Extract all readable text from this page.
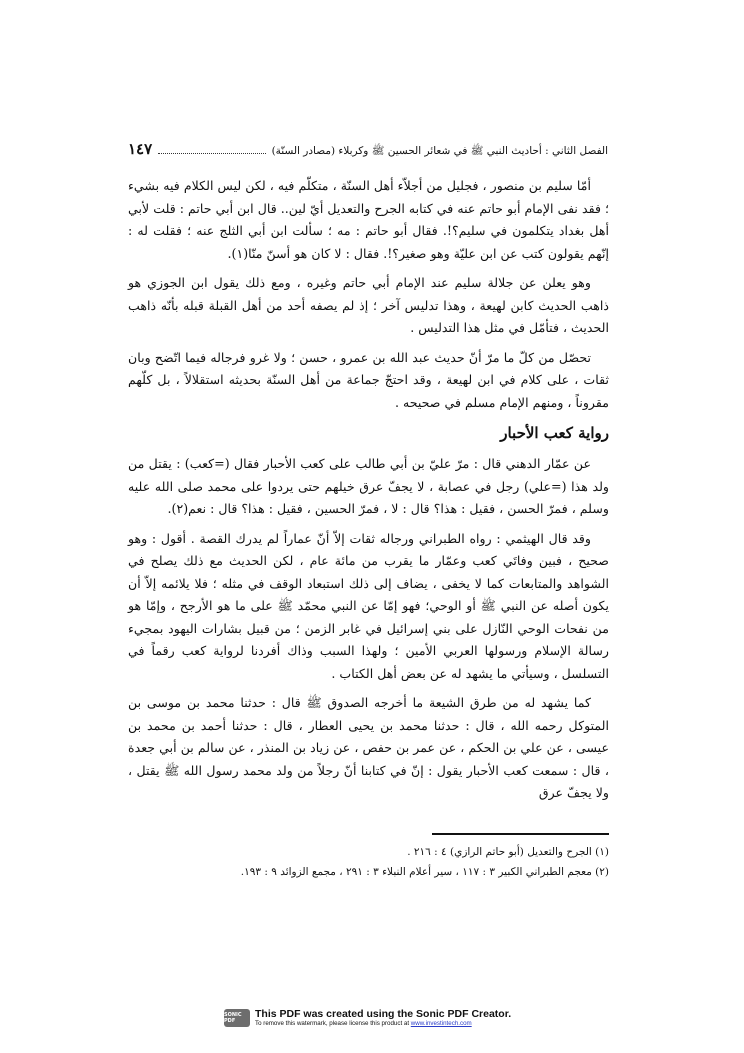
الفصل الثاني : أحاديث النبي ﷺ في شعائر الحسين ﷺ وكربلاء (مصادر السنّة)
١٤٧

أمّا سليم بن منصور ، فجليل من أجلاّء أهل السنّة ، متكلّم فيه ، لكن ليس الكلام فيه بشيء ؛ فقد نفى الإمام أبو حاتم عنه في كتابه الجرح والتعديل أيّ لين.. قال ابن أبي حاتم : قلت لأبي أهل بغداد يتكلمون في سليم؟!. فقال أبو حاتم : مه ؛ سألت ابن أبي الثلج عنه ؛ فقلت له : إنّهم يقولون كتب عن ابن عليّة وهو صغير؟!. فقال : لا كان هو أسنّ منّا(١).

وهو يعلن عن جلالة سليم عند الإمام أبي حاتم وغيره ، ومع ذلك يقول ابن الجوزي هو ذاهب الحديث كابن لهيعة ، وهذا تدليس آخر ؛ إذ لم يصفه أحد من أهل القبلة قبله بأنّه ذاهب الحديث ، فتأمّل في مثل هذا التدليس .

تحصّل من كلّ ما مرّ أنّ حديث عبد الله بن عمرو ، حسن ؛ ولا غرو فرجاله فيما اتّضح وبان ثقات ، على كلام في ابن لهيعة ، وقد احتجّ جماعة من أهل السنّة بحديثه استقلالاً ، بل كلّهم مقروناً ، ومنهم الإمام مسلم في صحيحه .

رواية كعب الأحبار

عن عمّار الدهني قال : مرّ عليّ بن أبي طالب على كعب الأحبار فقال (=كعب) : يقتل من ولد هذا (=علي) رجل في عصابة ، لا يجفّ عرق خيلهم حتى يردوا على محمد صلى الله عليه وسلم ، فمرّ الحسن ، فقيل : هذا؟ قال : لا ، فمرّ الحسين ، فقيل : هذا؟ قال : نعم(٢).

وقد قال الهيثمي : رواه الطبراني ورجاله ثقات إلاّ أنّ عماراً لم يدرك القصة . أقول : وهو صحيح ، فبين وفاتَي كعب وعمّار ما يقرب من مائة عام ، لكن الحديث مع ذلك يصلح في الشواهد والمتابعات كما لا يخفى ، يضاف إلى ذلك استبعاد الوقف في مثله ؛ فلا يلائمه إلاّ أن يكون أصله عن النبي ﷺ أو الوحي؛ فهو إمّا عن النبي محمّد ﷺ على ما هو الأرجح ، وإمّا هو من نفحات الوحي النّازل على بني إسرائيل في غابر الزمن ؛ من قبيل بشارات اليهود بمجيء رسالة الإسلام ورسولها العربي الأمين ؛ ولهذا السبب وذاك أفردنا لرواية كعب رقماً في التسلسل ، وسيأتي ما يشهد له عن بعض أهل الكتاب .

كما يشهد له من طرق الشيعة ما أخرجه الصدوق ﷺ قال : حدثنا محمد بن موسى بن المتوكل رحمه الله ، قال : حدثنا محمد بن يحيى العطار ، قال : حدثنا أحمد بن محمد بن عيسى ، عن علي بن الحكم ، عن عمر بن حفص ، عن زياد بن المنذر ، عن سالم بن أبي جعدة ، قال : سمعت كعب الأحبار يقول : إنّ في كتابنا أنّ رجلاً من ولد محمد رسول الله ﷺ يقتل ، ولا يجفّ عرق

(١) الجرح والتعديل (أبو حاتم الرازي) ٤ : ٢١٦ .
(٢) معجم الطبراني الكبير ٣ : ١١٧ ، سير أعلام النبلاء ٣ : ٢٩١ ، مجمع الزوائد ٩ : ١٩٣.
SONIC PDF
This PDF was created using the Sonic PDF Creator.
To remove this watermark, please license this product at www.investintech.com
